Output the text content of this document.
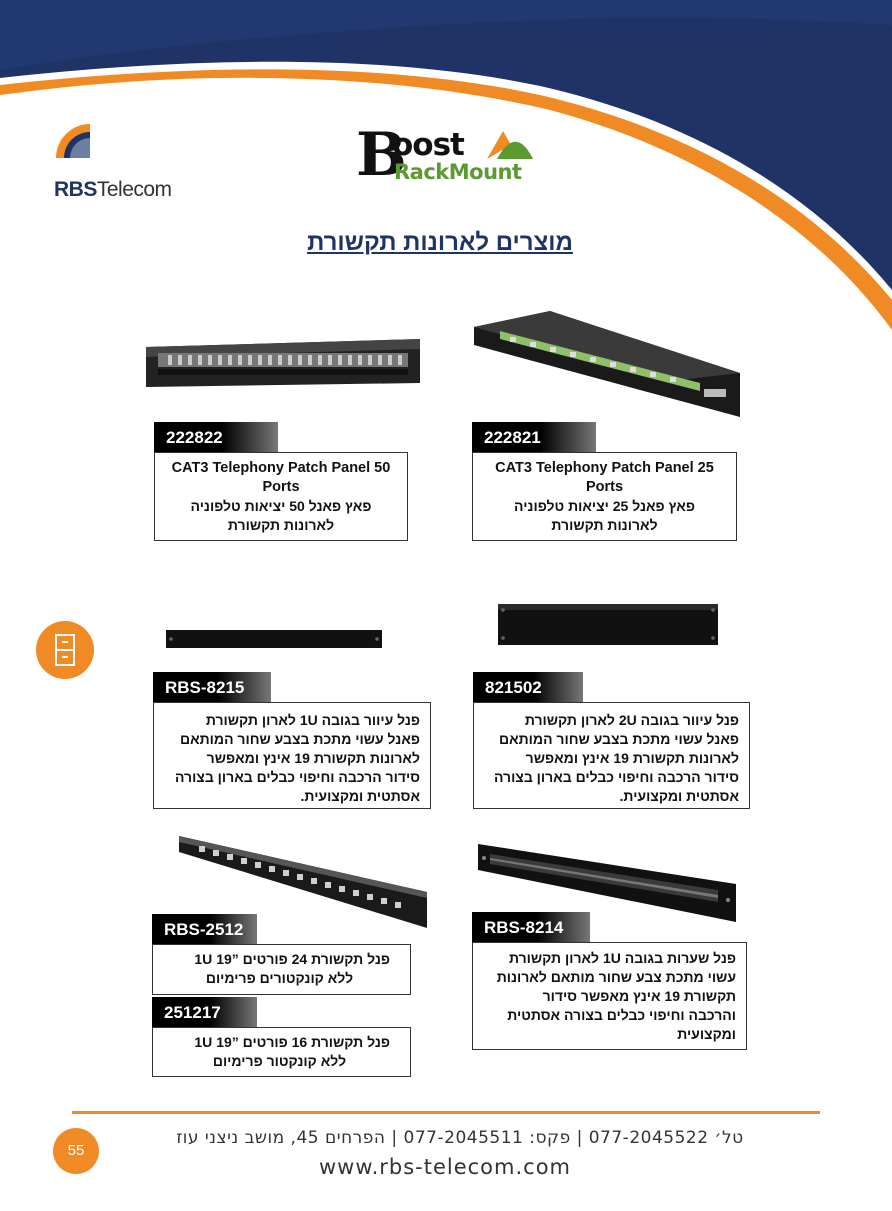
RBSTelecom	B
oost
RackMount
מוצרים לארונות תקשורת
222821
CAT3 Telephony Patch Panel 25 Ports
פאץ פאנל 25 יציאות טלפוניה
לארונות תקשורת
222822
CAT3 Telephony Patch Panel 50 Ports
פאץ פאנל 50 יציאות טלפוניה
לארונות תקשורת
821502
פנל עיוור בגובה 2U לארון תקשורת
פאנל עשוי מתכת בצבע שחור המותאם
לארונות תקשורת 19 אינץ ומאפשר
סידור הרכבה וחיפוי כבלים בארון בצורה
אסתטית ומקצועית.
RBS-8215
פנל עיוור בגובה 1U לארון תקשורת
פאנל עשוי מתכת בצבע שחור המותאם
לארונות תקשורת 19 אינץ ומאפשר
סידור הרכבה וחיפוי כבלים בארון בצורה
אסתטית ומקצועית.
RBS-8214
פנל שערות בגובה 1U לארון תקשורת
עשוי מתכת צבע שחור מותאם לארונות
תקשורת 19 אינץ מאפשר סידור
והרכבה וחיפוי כבלים בצורה אסתטית
ומקצועית
RBS-2512
פנל תקשורת 24 פורטים ”19 1U
ללא קונקטורים פרימיום
251217
פנל תקשורת 16 פורטים ”19 1U
ללא קונקטור פרימיום
55
טל׳ 077-2045522 | פקס: 077-2045511 | הפרחים 45, מושב ניצני עוז
www.rbs-telecom.com
